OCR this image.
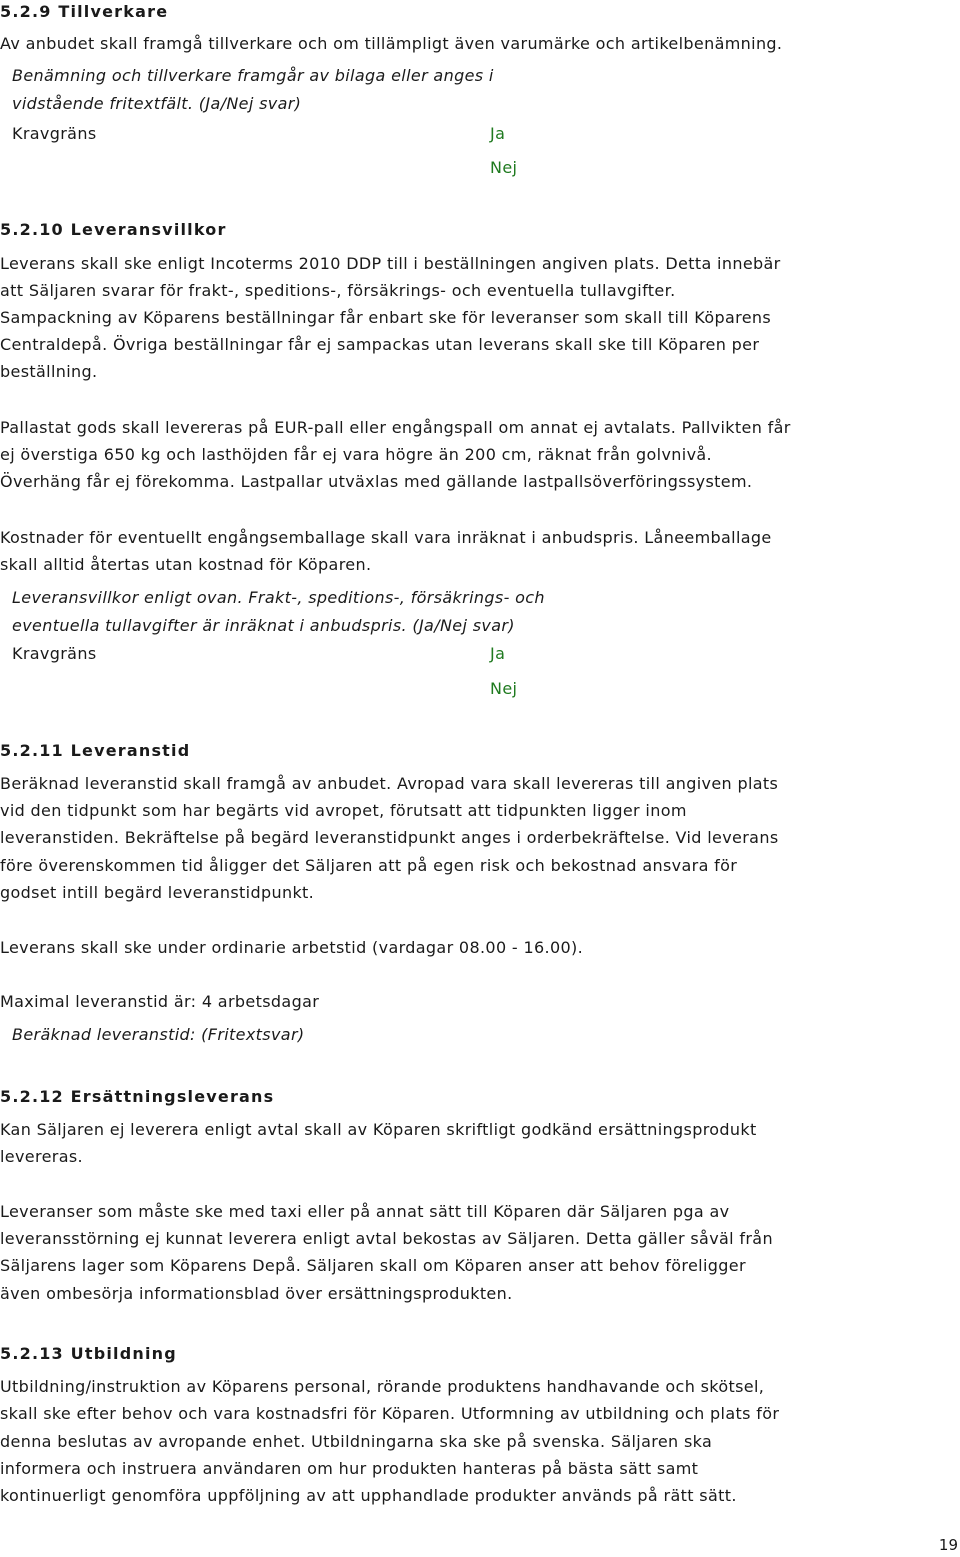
5.2.9 Tillverkare
Av anbudet skall framgå tillverkare och om tillämpligt även varumärke och artikelbenämning.
Benämning och tillverkare framgår av bilaga eller anges i
vidstående fritextfält. (Ja/Nej svar)
Kravgräns	Ja
Nej
5.2.10 Leveransvillkor
Leverans skall ske enligt Incoterms 2010 DDP till i beställningen angiven plats. Detta innebär
att Säljaren svarar för frakt-, speditions-, försäkrings- och eventuella tullavgifter.
Sampackning av Köparens beställningar får enbart ske för leveranser som skall till Köparens
Centraldepå. Övriga beställningar får ej sampackas utan leverans skall ske till Köparen per
beställning.
Pallastat gods skall levereras på EUR-pall eller engångspall om annat ej avtalats. Pallvikten får
ej överstiga 650 kg och lasthöjden får ej vara högre än 200 cm, räknat från golvnivå.
Överhäng får ej förekomma. Lastpallar utväxlas med gällande lastpallsöverföringssystem.
Kostnader för eventuellt engångsemballage skall vara inräknat i anbudspris. Låneemballage
skall alltid återtas utan kostnad för Köparen.
Leveransvillkor enligt ovan. Frakt-, speditions-, försäkrings- och
eventuella tullavgifter är inräknat i anbudspris. (Ja/Nej svar)
Kravgräns	Ja
Nej
5.2.11 Leveranstid
Beräknad leveranstid skall framgå av anbudet. Avropad vara skall levereras till angiven plats
vid den tidpunkt som har begärts vid avropet, förutsatt att tidpunkten ligger inom
leveranstiden. Bekräftelse på begärd leveranstidpunkt anges i orderbekräftelse. Vid leverans
före överenskommen tid åligger det Säljaren att på egen risk och bekostnad ansvara för
godset intill begärd leveranstidpunkt.
Leverans skall ske under ordinarie arbetstid (vardagar 08.00 - 16.00).
Maximal leveranstid är: 4 arbetsdagar
Beräknad leveranstid: (Fritextsvar)
5.2.12 Ersättningsleverans
Kan Säljaren ej leverera enligt avtal skall av Köparen skriftligt godkänd ersättningsprodukt
levereras.
Leveranser som måste ske med taxi eller på annat sätt till Köparen där Säljaren pga av
leveransstörning ej kunnat leverera enligt avtal bekostas av Säljaren. Detta gäller såväl från
Säljarens lager som Köparens Depå. Säljaren skall om Köparen anser att behov föreligger
även ombesörja informationsblad över ersättningsprodukten.
5.2.13 Utbildning
Utbildning/instruktion av Köparens personal, rörande produktens handhavande och skötsel,
skall ske efter behov och vara kostnadsfri för Köparen. Utformning av utbildning och plats för
denna beslutas av avropande enhet. Utbildningarna ska ske på svenska. Säljaren ska
informera och instruera användaren om hur produkten hanteras på bästa sätt samt
kontinuerligt genomföra uppföljning av att upphandlade produkter används på rätt sätt.
19
